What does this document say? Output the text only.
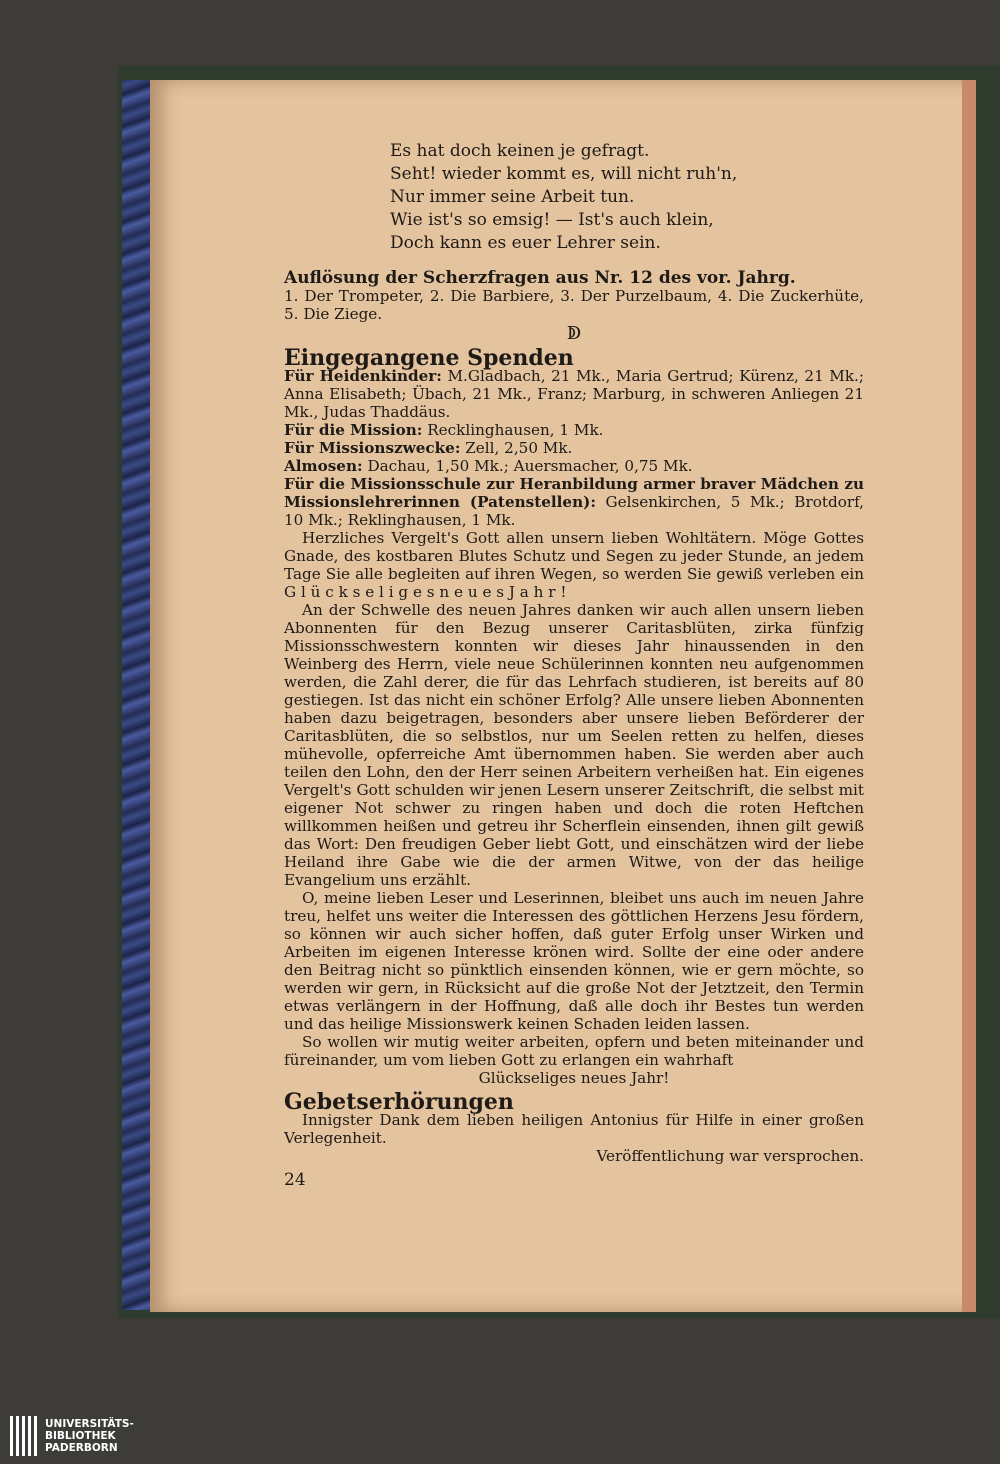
Es hat doch keinen je gefragt.
Seht! wieder kommt es, will nicht ruh'n,
Nur immer seine Arbeit tun.
Wie ist's so emsig! — Ist's auch klein,
Doch kann es euer Lehrer sein.
Auflösung der Scherzfragen aus Nr. 12 des vor. Jahrg.
1. Der Trompeter, 2. Die Barbiere, 3. Der Purzelbaum, 4. Die Zuckerhüte, 5. Die Ziege.
ↁ
Eingegangene Spenden
Für Heidenkinder: M.Gladbach, 21 Mk., Maria Gertrud; Kürenz, 21 Mk.; Anna Elisabeth; Übach, 21 Mk., Franz; Marburg, in schweren Anliegen 21 Mk., Judas Thaddäus.
Für die Mission: Recklinghausen, 1 Mk.
Für Missionszwecke: Zell, 2,50 Mk.
Almosen: Dachau, 1,50 Mk.; Auersmacher, 0,75 Mk.
Für die Missionsschule zur Heranbildung armer braver Mädchen zu Missionslehrerinnen (Patenstellen): Gelsenkirchen, 5 Mk.; Brotdorf, 10 Mk.; Reklinghausen, 1 Mk.
Herzliches Vergelt's Gott allen unsern lieben Wohltätern. Möge Gottes Gnade, des kostbaren Blutes Schutz und Segen zu jeder Stunde, an jedem Tage Sie alle begleiten auf ihren Wegen, so werden Sie gewiß verleben ein G l ü c k s e l i g e s n e u e s J a h r !
An der Schwelle des neuen Jahres danken wir auch allen unsern lieben Abonnenten für den Bezug unserer Caritasblüten, zirka fünfzig Missionsschwestern konnten wir dieses Jahr hinaussenden in den Weinberg des Herrn, viele neue Schülerinnen konnten neu aufgenommen werden, die Zahl derer, die für das Lehrfach studieren, ist bereits auf 80 gestiegen. Ist das nicht ein schöner Erfolg? Alle unsere lieben Abonnenten haben dazu beigetragen, besonders aber unsere lieben Beförderer der Caritasblüten, die so selbstlos, nur um Seelen retten zu helfen, dieses mühevolle, opferreiche Amt übernommen haben. Sie werden aber auch teilen den Lohn, den der Herr seinen Arbeitern verheißen hat. Ein eigenes Vergelt's Gott schulden wir jenen Lesern unserer Zeitschrift, die selbst mit eigener Not schwer zu ringen haben und doch die roten Heftchen willkommen heißen und getreu ihr Scherflein einsenden, ihnen gilt gewiß das Wort: Den freudigen Geber liebt Gott, und einschätzen wird der liebe Heiland ihre Gabe wie die der armen Witwe, von der das heilige Evangelium uns erzählt.
O, meine lieben Leser und Leserinnen, bleibet uns auch im neuen Jahre treu, helfet uns weiter die Interessen des göttlichen Herzens Jesu fördern, so können wir auch sicher hoffen, daß guter Erfolg unser Wirken und Arbeiten im eigenen Interesse krönen wird. Sollte der eine oder andere den Beitrag nicht so pünktlich einsenden können, wie er gern möchte, so werden wir gern, in Rücksicht auf die große Not der Jetztzeit, den Termin etwas verlängern in der Hoffnung, daß alle doch ihr Bestes tun werden und das heilige Missionswerk keinen Schaden leiden lassen.
So wollen wir mutig weiter arbeiten, opfern und beten miteinander und füreinander, um vom lieben Gott zu erlangen ein wahrhaft
Glückseliges neues Jahr!
Gebetserhörungen
Innigster Dank dem lieben heiligen Antonius für Hilfe in einer großen Verlegenheit.
Veröffentlichung war versprochen.
24
UNIVERSITÄTS-
BIBLIOTHEK
PADERBORN
